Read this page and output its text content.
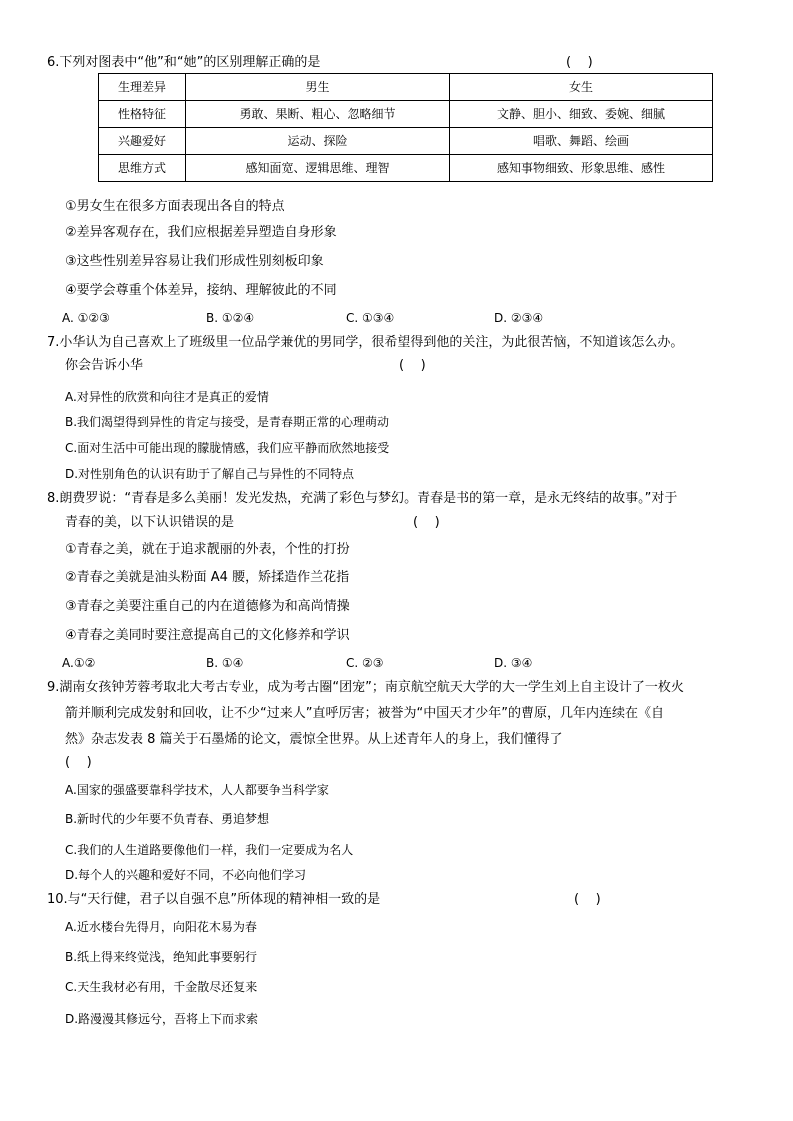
6.下列对图表中“他”和“她”的区别理解正确的是	(    )
生理差异	男生	女生
性格特征	勇敢、果断、粗心、忽略细节	文静、胆小、细致、委婉、细腻
兴趣爱好	运动、探险	唱歌、舞蹈、绘画
思维方式	感知面宽、逻辑思维、理智	感知事物细致、形象思维、感性
①男女生在很多方面表现出各自的特点
②差异客观存在，我们应根据差异塑造自身形象
③这些性别差异容易让我们形成性别刻板印象
④要学会尊重个体差异，接纳、理解彼此的不同
A. ①②③	B. ①②④	C. ①③④	D. ②③④
7.小华认为自己喜欢上了班级里一位品学兼优的男同学，很希望得到他的关注，为此很苦恼，不知道该怎么办。
你会告诉小华	(    )
A.对异性的欣赏和向往才是真正的爱情
B.我们渴望得到异性的肯定与接受，是青春期正常的心理萌动
C.面对生活中可能出现的朦胧情感，我们应平静而欣然地接受
D.对性别角色的认识有助于了解自己与异性的不同特点
8.朗费罗说：“青春是多么美丽！发光发热，充满了彩色与梦幻。青春是书的第一章，是永无终结的故事。”对于
青春的美，以下认识错误的是	(    )
①青春之美，就在于追求靓丽的外表，个性的打扮
②青春之美就是油头粉面 A4 腰，矫揉造作兰花指
③青春之美要注重自己的内在道德修为和高尚情操
④青春之美同时要注意提高自己的文化修养和学识
A.①②	B. ①④	C. ②③	D. ③④
9.湖南女孩钟芳蓉考取北大考古专业，成为考古圈“团宠”；南京航空航天大学的大一学生刘上自主设计了一枚火
箭并顺利完成发射和回收，让不少“过来人”直呼厉害；被誉为“中国天才少年”的曹原，几年内连续在《自
然》杂志发表 8 篇关于石墨烯的论文，震惊全世界。从上述青年人的身上，我们懂得了
(    )
A.国家的强盛要靠科学技术，人人都要争当科学家
B.新时代的少年要不负青春、勇追梦想
C.我们的人生道路要像他们一样，我们一定要成为名人
D.每个人的兴趣和爱好不同，不必向他们学习
10.与“天行健，君子以自强不息”所体现的精神相一致的是	(    )
A.近水楼台先得月，向阳花木易为春
B.纸上得来终觉浅，绝知此事要躬行
C.天生我材必有用，千金散尽还复来
D.路漫漫其修远兮，吾将上下而求索
